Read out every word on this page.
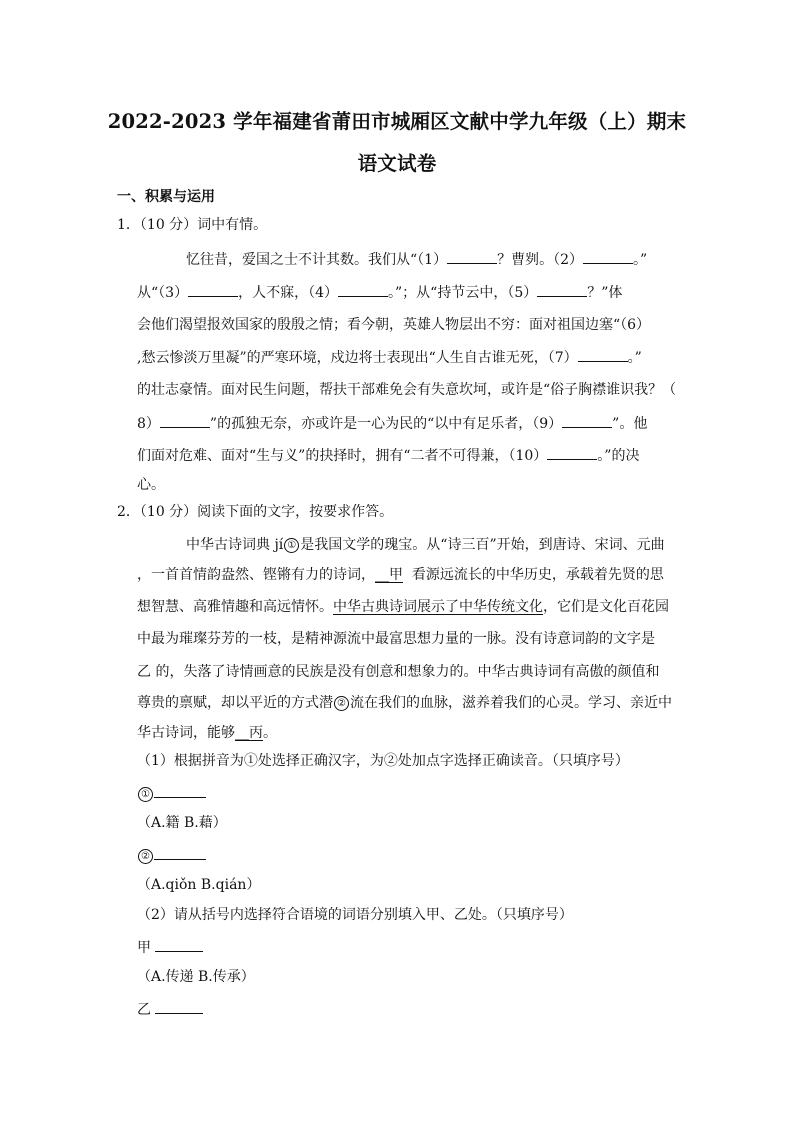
2022-2023 学年福建省莆田市城厢区文献中学九年级（上）期末
语文试卷
一、积累与运用
1．（10 分）词中有情。
忆往昔，爱国之士不计其数。我们从“（1）	？曹刿。（2）	。”
从“（3）	，人不寐，（4）	。”；从“持节云中，（5）	？”体
会他们渴望报效国家的殷殷之情；看今朝，英雄人物层出不穷：面对祖国边塞“（6）
,愁云惨淡万里凝”的严寒环境，戍边将士表现出“人生自古谁无死，（7）	。”
的壮志豪情。面对民生问题，帮扶干部难免会有失意坎坷，或许是“俗子胸襟谁识我？（
8）	”的孤独无奈，亦或许是一心为民的“以中有足乐者，（9）	”。他
们面对危难、面对“生与义”的抉择时，拥有“二者不可得兼，（10）	。”的决
心。
2．（10 分）阅读下面的文字，按要求作答。
中华古诗词典 jí ① 是我国文学的瑰宝。从“诗三百”开始，到唐诗、宋词、元曲
，一首首情韵盎然、铿锵有力的诗词，__甲  看源远流长的中华历史，承载着先贤的思
想智慧、高雅情趣和高远情怀。中华古典诗词展示了中华传统文化，它们是文化百花园
中最为璀璨芬芳的一枝，是精神源流中最富思想力量的一脉。没有诗意词韵的文字是
乙 的，失落了诗情画意的民族是没有创意和想象力的。中华古典诗词有高傲的颜值和
尊贵的禀赋，却以平近的方式潜 ② 流在我们的血脉，滋养着我们的心灵。学习、亲近中
华古诗词，能够__丙。
（1）根据拼音为①处选择正确汉字，为②处加点字选择正确读音。（只填序号）
①
（A.籍 B.藉）
②
（A.qiǒn B.qián）
（2）请从括号内选择符合语境的词语分别填入甲、乙处。（只填序号）
甲
（A.传递 B.传承）
乙
